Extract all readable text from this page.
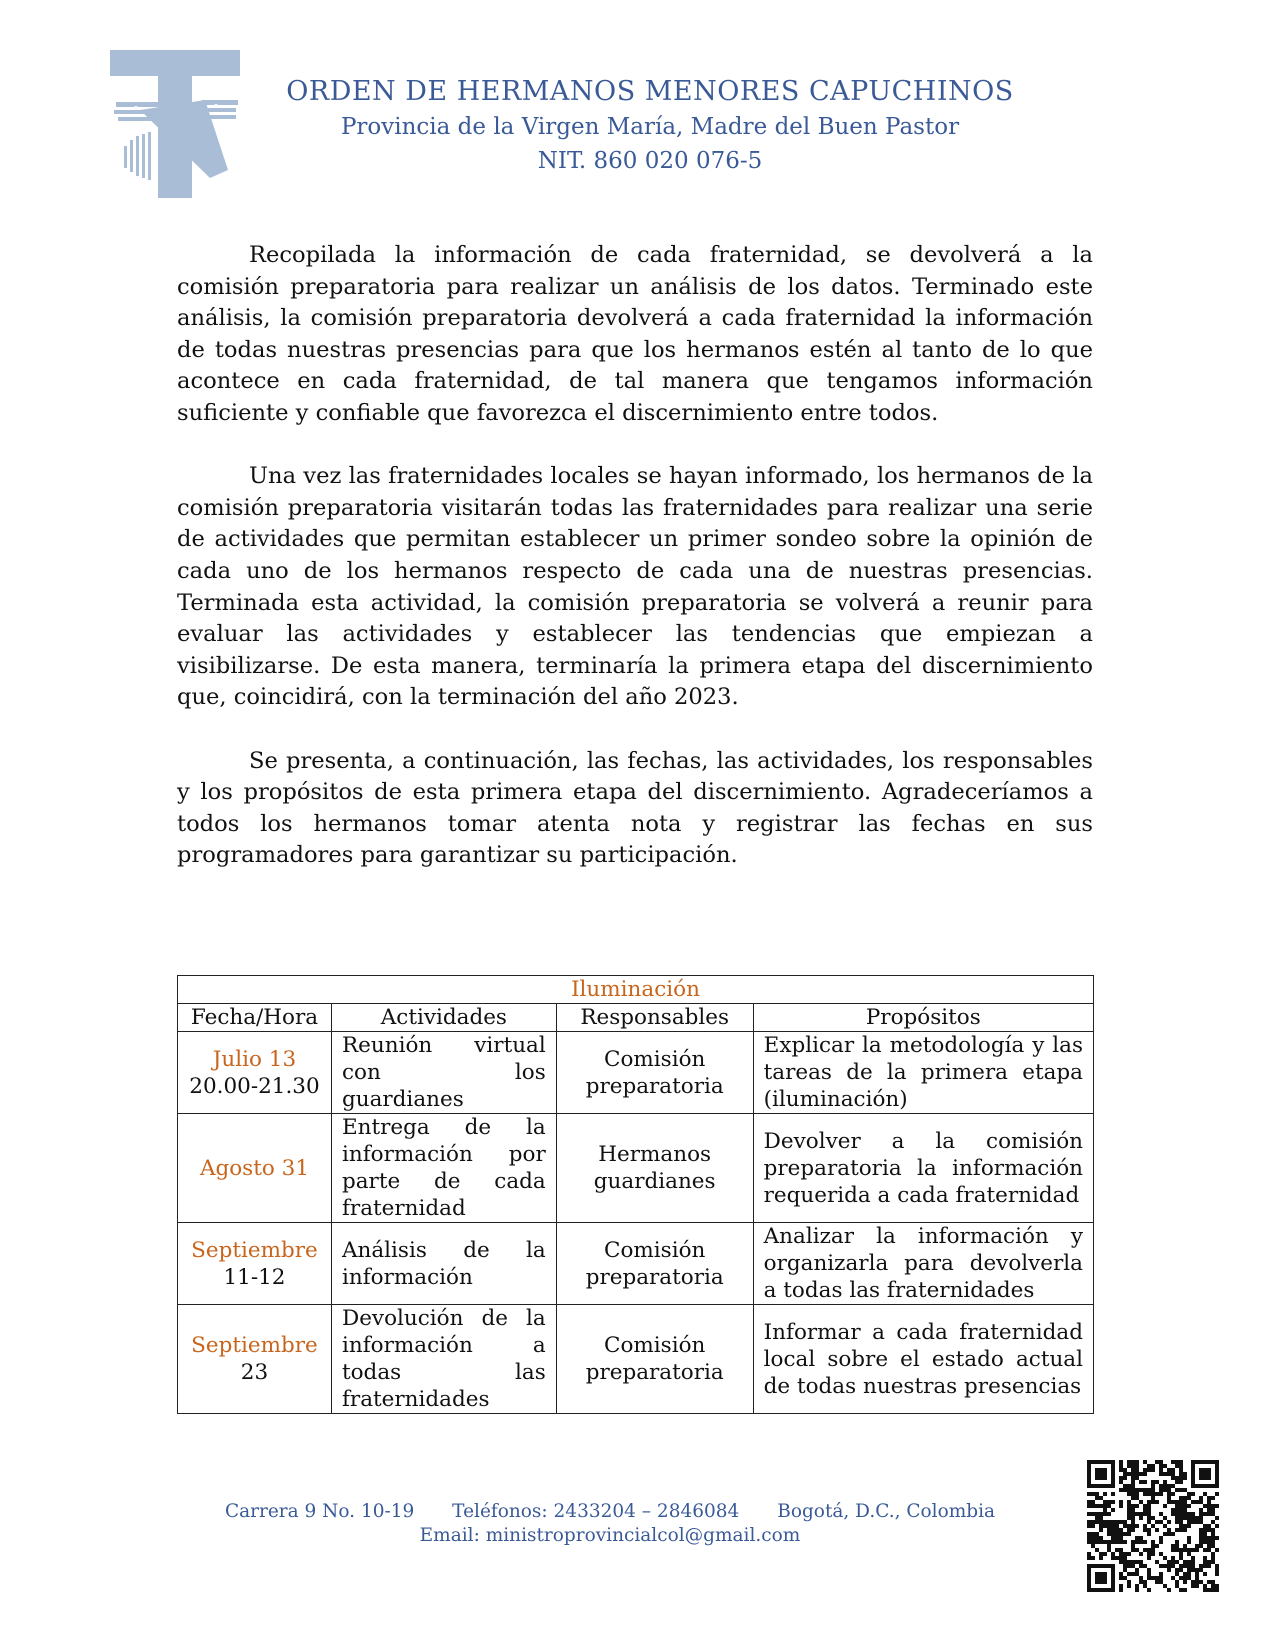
ORDEN DE HERMANOS MENORES CAPUCHINOS
Provincia de la Virgen María, Madre del Buen Pastor
NIT. 860 020 076-5

Recopilada la información de cada fraternidad, se devolverá a la comisión preparatoria para realizar un análisis de los datos. Terminado este análisis, la comisión preparatoria devolverá a cada fraternidad la información de todas nuestras presencias para que los hermanos estén al tanto de lo que acontece en cada fraternidad, de tal manera que tengamos información suficiente y confiable que favorezca el discernimiento entre todos.

Una vez las fraternidades locales se hayan informado, los hermanos de la comisión preparatoria visitarán todas las fraternidades para realizar una serie de actividades que permitan establecer un primer sondeo sobre la opinión de cada uno de los hermanos respecto de cada una de nuestras presencias. Terminada esta actividad, la comisión preparatoria se volverá a reunir para evaluar las actividades y establecer las tendencias que empiezan a visibilizarse. De esta manera, terminaría la primera etapa del discernimiento que, coincidirá, con la terminación del año 2023.

Se presenta, a continuación, las fechas, las actividades, los responsables y los propósitos de esta primera etapa del discernimiento. Agradeceríamos a todos los hermanos tomar atenta nota y registrar las fechas en sus programadores para garantizar su participación.

Iluminación			
Fecha/Hora	Actividades	Responsables	Propósitos

Julio 13
20.00-21.30	Reunión virtual con los guardianes	Comisión preparatoria	Explicar la metodología y las tareas de la primera etapa (iluminación)

Agosto 31	Entrega de la información por parte de cada fraternidad	Hermanos guardianes	Devolver a la comisión preparatoria la información requerida a cada fraternidad

Septiembre
11-12	Análisis de la información	Comisión preparatoria	Analizar la información y organizarla para devolverla a todas las fraternidades

Septiembre
23	Devolución de la información a todas las fraternidades	Comisión preparatoria	Informar a cada fraternidad local sobre el estado actual de todas nuestras presencias
Carrera 9 No. 10-19 Teléfonos: 2433204 – 2846084 Bogotá, D.C., Colombia
Email: ministroprovincialcol@gmail.com
